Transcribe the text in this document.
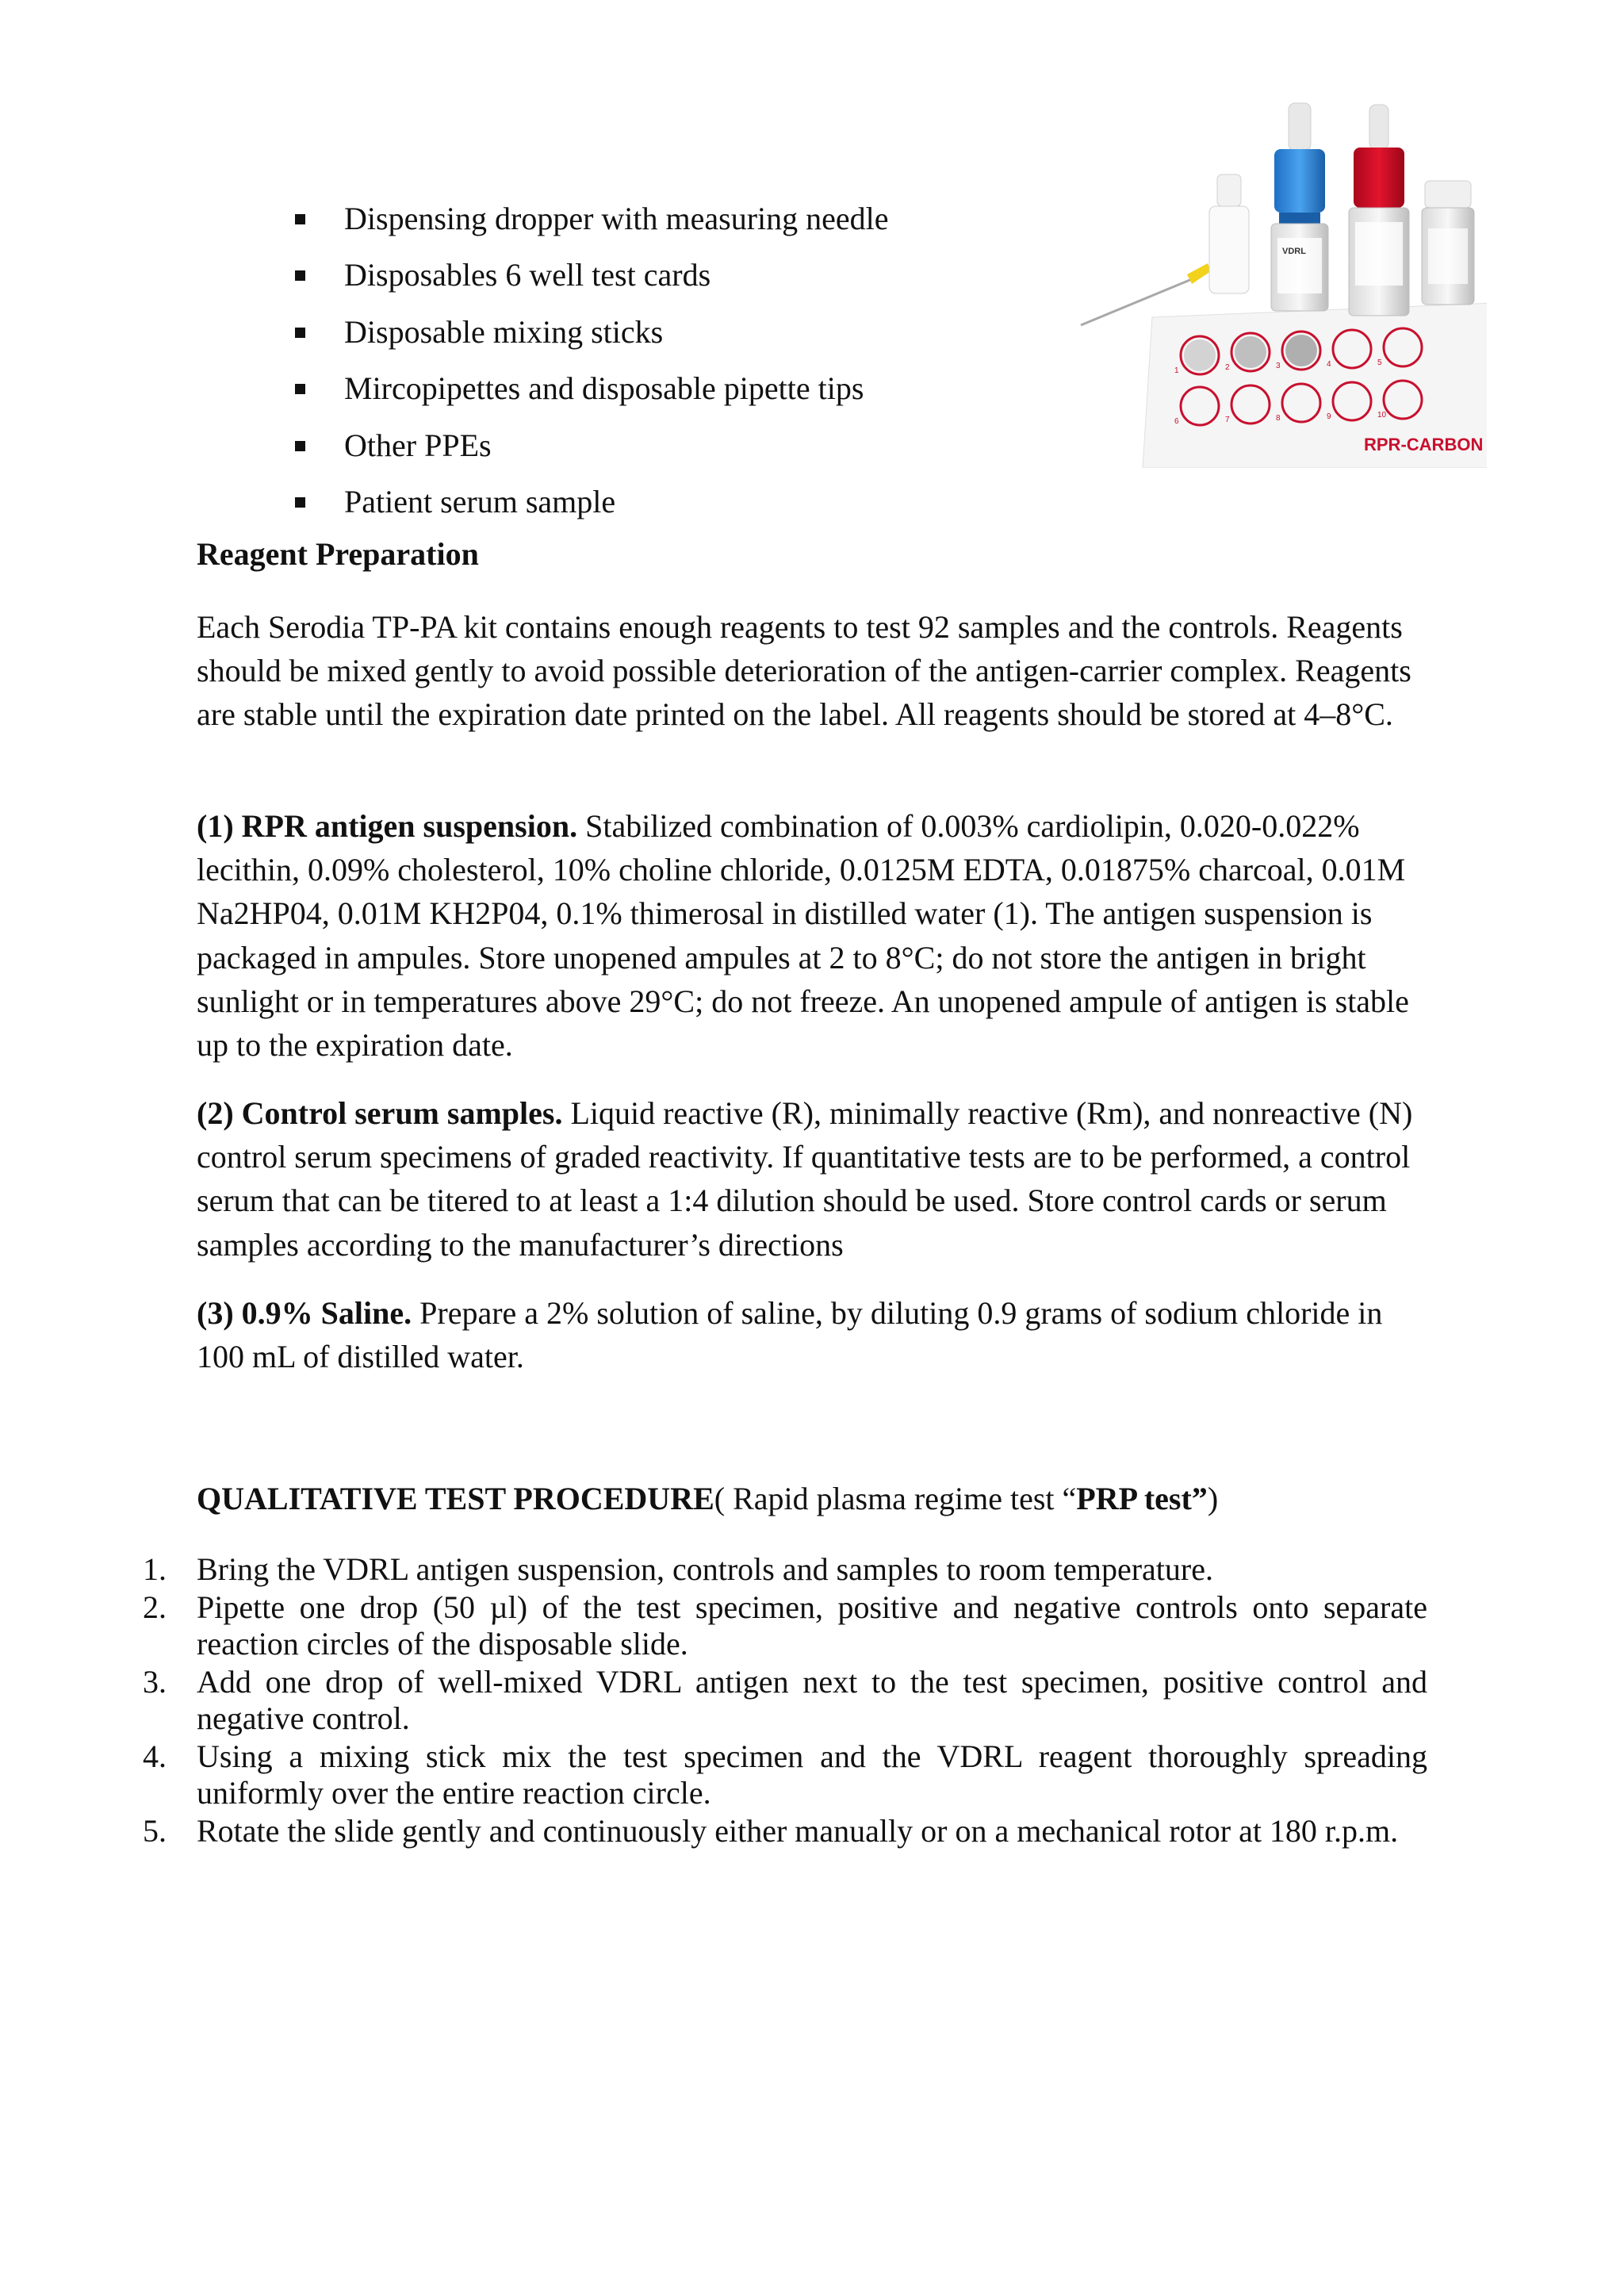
Dispensing dropper with measuring needle
Disposables 6 well test cards
Disposable mixing sticks
Mircopipettes and disposable pipette tips
Other PPEs
Patient serum sample
1	2	3	4	5
6	7	8	9	10
RPR-CARBON
VDRL
Reagent Preparation

Each Serodia TP-PA kit contains enough reagents to test 92 samples and the controls. Reagents should be mixed gently to avoid possible deterioration of the antigen-carrier complex. Reagents are stable until the expiration date printed on the label. All reagents should be stored at 4–8°C.

(1) RPR antigen suspension. Stabilized combination of 0.003% cardiolipin, 0.020-0.022% lecithin, 0.09% cholesterol, 10% choline chloride, 0.0125M EDTA, 0.01875% charcoal, 0.01M Na2HP04, 0.01M KH2P04, 0.1% thimerosal in distilled water (1). The antigen suspension is packaged in ampules. Store unopened ampules at 2 to 8°C; do not store the antigen in bright sunlight or in temperatures above 29°C; do not freeze. An unopened ampule of antigen is stable up to the expiration date.

(2) Control serum samples. Liquid reactive (R), minimally reactive (Rm), and nonreactive (N) control serum specimens of graded reactivity. If quantitative tests are to be performed, a control serum that can be titered to at least a 1:4 dilution should be used. Store control cards or serum samples according to the manufacturer’s directions

(3) 0.9% Saline. Prepare a 2% solution of saline, by diluting 0.9 grams of sodium chloride in 100 mL of distilled water.

QUALITATIVE TEST PROCEDURE( Rapid plasma regime test “PRP test”)

1. Bring the VDRL antigen suspension, controls and samples to room temperature.
2. Pipette one drop (50 µl) of the test specimen, positive and negative controls onto separate reaction circles of the disposable slide.
3. Add one drop of well-mixed VDRL antigen next to the test specimen, positive control and negative control.
4. Using a mixing stick mix the test specimen and the VDRL reagent thoroughly spreading uniformly over the entire reaction circle.
5. Rotate the slide gently and continuously either manually or on a mechanical rotor at 180 r.p.m.
